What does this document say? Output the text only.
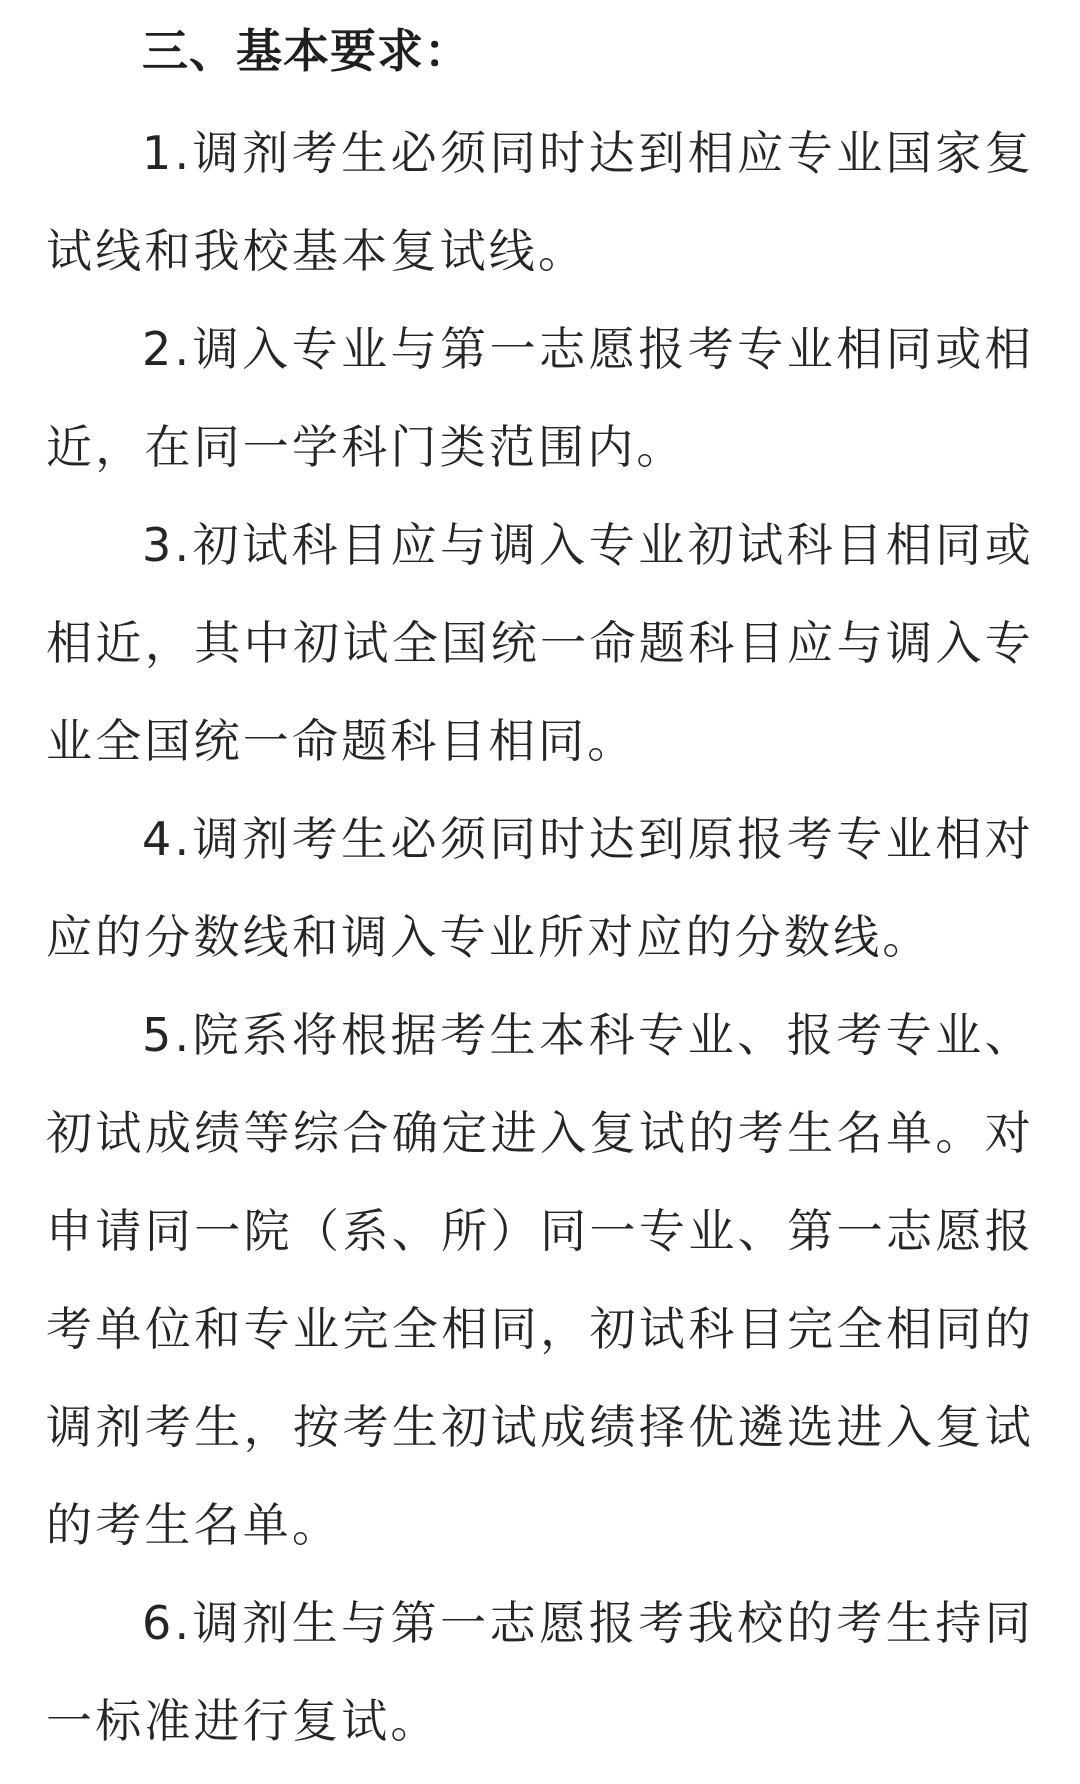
三、基本要求：

1.调剂考生必须同时达到相应专业国家复试线和我校基本复试线。

2.调入专业与第一志愿报考专业相同或相近，在同一学科门类范围内。

3.初试科目应与调入专业初试科目相同或相近，其中初试全国统一命题科目应与调入专业全国统一命题科目相同。

4.调剂考生必须同时达到原报考专业相对应的分数线和调入专业所对应的分数线。

5.院系将根据考生本科专业、报考专业、初试成绩等综合确定进入复试的考生名单。对申请同一院（系、所）同一专业、第一志愿报考单位和专业完全相同，初试科目完全相同的调剂考生，按考生初试成绩择优遴选进入复试的考生名单。

6.调剂生与第一志愿报考我校的考生持同一标准进行复试。
